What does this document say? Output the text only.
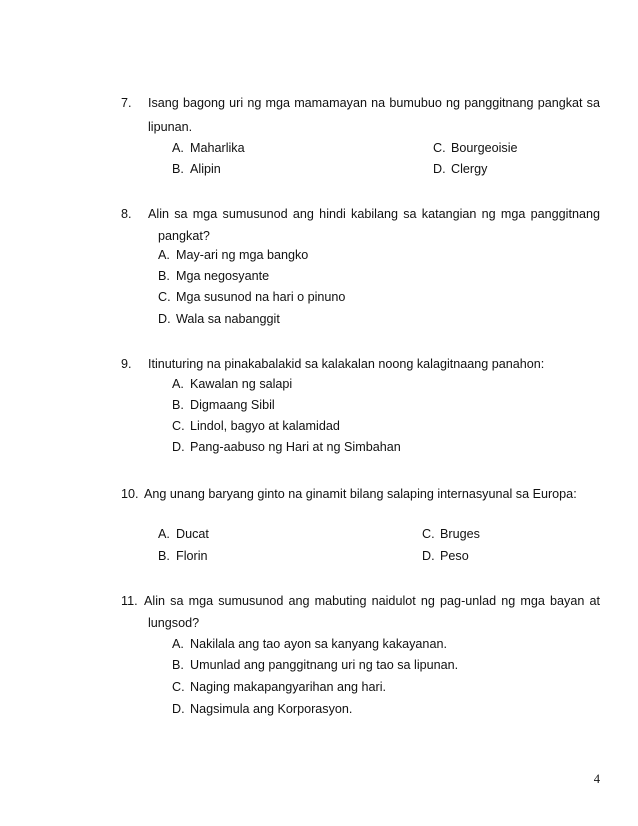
7. Isang bagong uri ng mga mamamayan na bumubuo ng panggitnang pangkat sa
lipunan.
A. Maharlika
B. Alipin
C. Bourgeoisie
D. Clergy
8. Alin sa mga sumusunod ang hindi kabilang sa katangian ng mga panggitnang
pangkat?
A. May-ari ng mga bangko
B. Mga negosyante
C. Mga susunod na hari o pinuno
D. Wala sa nabanggit
9. Itinuturing na pinakabalakid sa kalakalan noong kalagitnaang panahon:
A. Kawalan ng salapi
B. Digmaang Sibil
C. Lindol, bagyo at kalamidad
D. Pang-aabuso ng Hari at ng Simbahan
10. Ang unang baryang ginto na ginamit bilang salaping internasyunal sa Europa:
A. Ducat
B. Florin
C. Bruges
D. Peso
11. Alin sa mga sumusunod ang mabuting naidulot ng pag-unlad ng mga bayan at
lungsod?
A. Nakilala ang tao ayon sa kanyang kakayanan.
B. Umunlad ang panggitnang uri ng tao sa lipunan.
C. Naging makapangyarihan ang hari.
D. Nagsimula ang Korporasyon.
4
